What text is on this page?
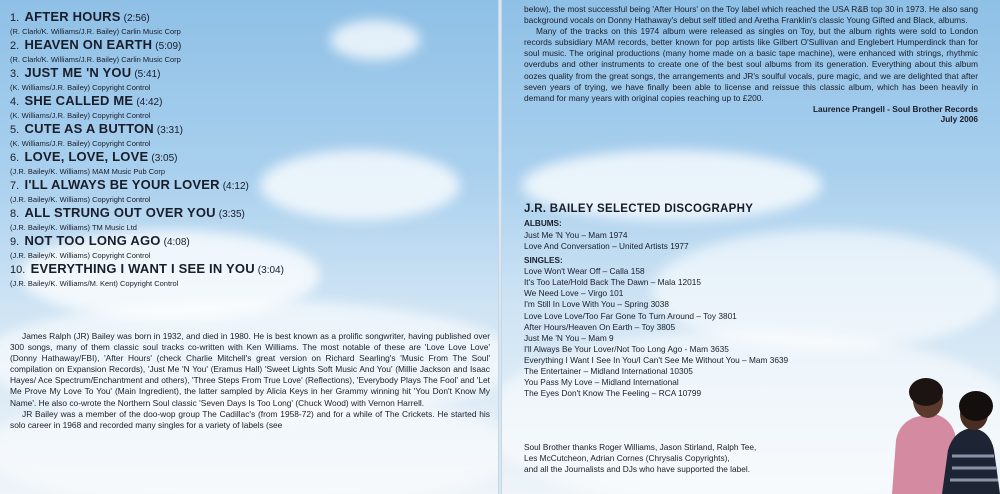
1. AFTER HOURS (2:56)
(R. Clark/K. Williams/J.R. Bailey) Carlin Music Corp
2. HEAVEN ON EARTH (5:09)
(R. Clark/K. Williams/J.R. Bailey) Carlin Music Corp
3. JUST ME 'N YOU (5:41)
(K. Williams/J.R. Bailey) Copyright Control
4. SHE CALLED ME (4:42)
(K. Williams/J.R. Bailey) Copyright Control
5. CUTE AS A BUTTON (3:31)
(K. Williams/J.R. Bailey) Copyright Control
6. LOVE, LOVE, LOVE (3:05)
(J.R. Bailey/K. Williams) MAM Music Pub Corp
7. I'LL ALWAYS BE YOUR LOVER (4:12)
(J.R. Bailey/K. Williams) Copyright Control
8. ALL STRUNG OUT OVER YOU (3:35)
(J.R. Bailey/K. Williams) TM Music Ltd
9. NOT TOO LONG AGO (4:08)
(J.R. Bailey/K. Williams) Copyright Control
10. EVERYTHING I WANT I SEE IN YOU (3:04)
(J.R. Bailey/K. Williams/M. Kent) Copyright Control

James Ralph (JR) Bailey was born in 1932, and died in 1980. He is best known as a prolific songwriter, having published over 300 songs, many of them classic soul tracks co-written with Ken Williams. The most notable of these are 'Love Love Love' (Donny Hathaway/FBI), 'After Hours' (check Charlie Mitchell's great version on Richard Searling's 'Music From The Soul' compilation on Expansion Records), 'Just Me 'N You' (Eramus Hall) 'Sweet Lights Soft Music And You' (Millie Jackson and Isaac Hayes/ Ace Spectrum/Enchantment and others), 'Three Steps From True Love' (Reflections), 'Everybody Plays The Fool' and 'Let Me Prove My Love To You' (Main Ingredient), the latter sampled by Alicia Keys in her Grammy winning hit 'You Don't Know My Name'. He also co-wrote the Northern Soul classic 'Seven Days Is Too Long' (Chuck Wood) with Vernon Harrell.

JR Bailey was a member of the doo-wop group The Cadillac's (from 1958-72) and for a while of The Crickets. He started his solo career in 1968 and recorded many singles for a variety of labels (see

below), the most successful being 'After Hours' on the Toy label which reached the USA R&B top 30 in 1973. He also sang background vocals on Donny Hathaway's debut self titled and Aretha Franklin's classic Young Gifted and Black, albums.

Many of the tracks on this 1974 album were released as singles on Toy, but the album rights were sold to London records subsidiary MAM records, better known for pop artists like Gilbert O'Sullivan and Englebert Humperdinck than for soul music. The original productions (many home made on a basic tape machine), were enhanced with strings, rhythmic overdubs and other instruments to create one of the best soul albums from its generation. Everything about this album oozes quality from the great songs, the arrangements and JR's soulful vocals, pure magic, and we are delighted that after seven years of trying, we have finally been able to license and reissue this classic album, which has been heavily in demand for many years with original copies reaching up to £200.

Laurence Prangell - Soul Brother Records
July 2006
J.R. BAILEY SELECTED DISCOGRAPHY
ALBUMS:
Just Me 'N You – Mam 1974
Love And Conversation – United Artists 1977
SINGLES:
Love Won't Wear Off – Calla 158
It's Too Late/Hold Back The Dawn – Mala 12015
We Need Love – Virgo 101
I'm Still In Love With You – Spring 3038
Love Love Love/Too Far Gone To Turn Around – Toy 3801
After Hours/Heaven On Earth – Toy 3805
Just Me 'N You – Mam 9
I'll Always Be Your Lover/Not Too Long Ago - Mam 3635
Everything I Want I See In You/I Can't See Me Without You – Mam 3639
The Entertainer – Midland International 10305
You Pass My Love – Midland International
The Eyes Don't Know The Feeling – RCA 10799
Soul Brother thanks Roger Williams, Jason Stirland, Ralph Tee,
Les McCutcheon, Adrian Cornes (Chrysalis Copyrights),
and all the Journalists and DJs who have supported the label.
